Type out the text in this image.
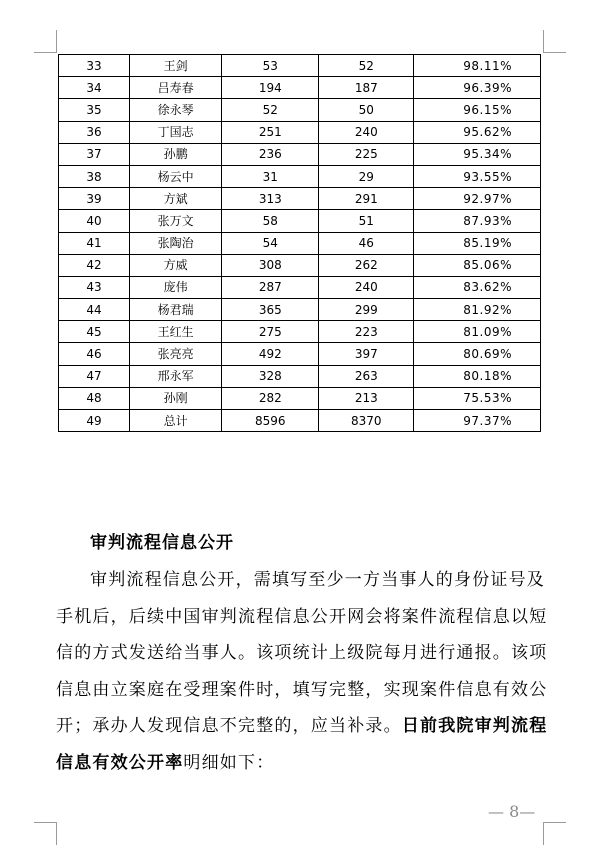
33	王剑	53	52	98.11%
34	吕寿春	194	187	96.39%
35	徐永琴	52	50	96.15%
36	丁国志	251	240	95.62%
37	孙鹏	236	225	95.34%
38	杨云中	31	29	93.55%
39	方斌	313	291	92.97%
40	张万文	58	51	87.93%
41	张陶治	54	46	85.19%
42	方威	308	262	85.06%
43	庞伟	287	240	83.62%
44	杨君瑞	365	299	81.92%
45	王红生	275	223	81.09%
46	张亮亮	492	397	80.69%
47	邢永军	328	263	80.18%
48	孙刚	282	213	75.53%
49	总计	8596	8370	97.37%
审判流程信息公开

审判流程信息公开，需填写至少一方当事人的身份证号及手机后，后续中国审判流程信息公开网会将案件流程信息以短信的方式发送给当事人。该项统计上级院每月进行通报。该项信息由立案庭在受理案件时，填写完整，实现案件信息有效公开；承办人发现信息不完整的，应当补录。日前我院审判流程信息有效公开率明细如下：

— 8—
